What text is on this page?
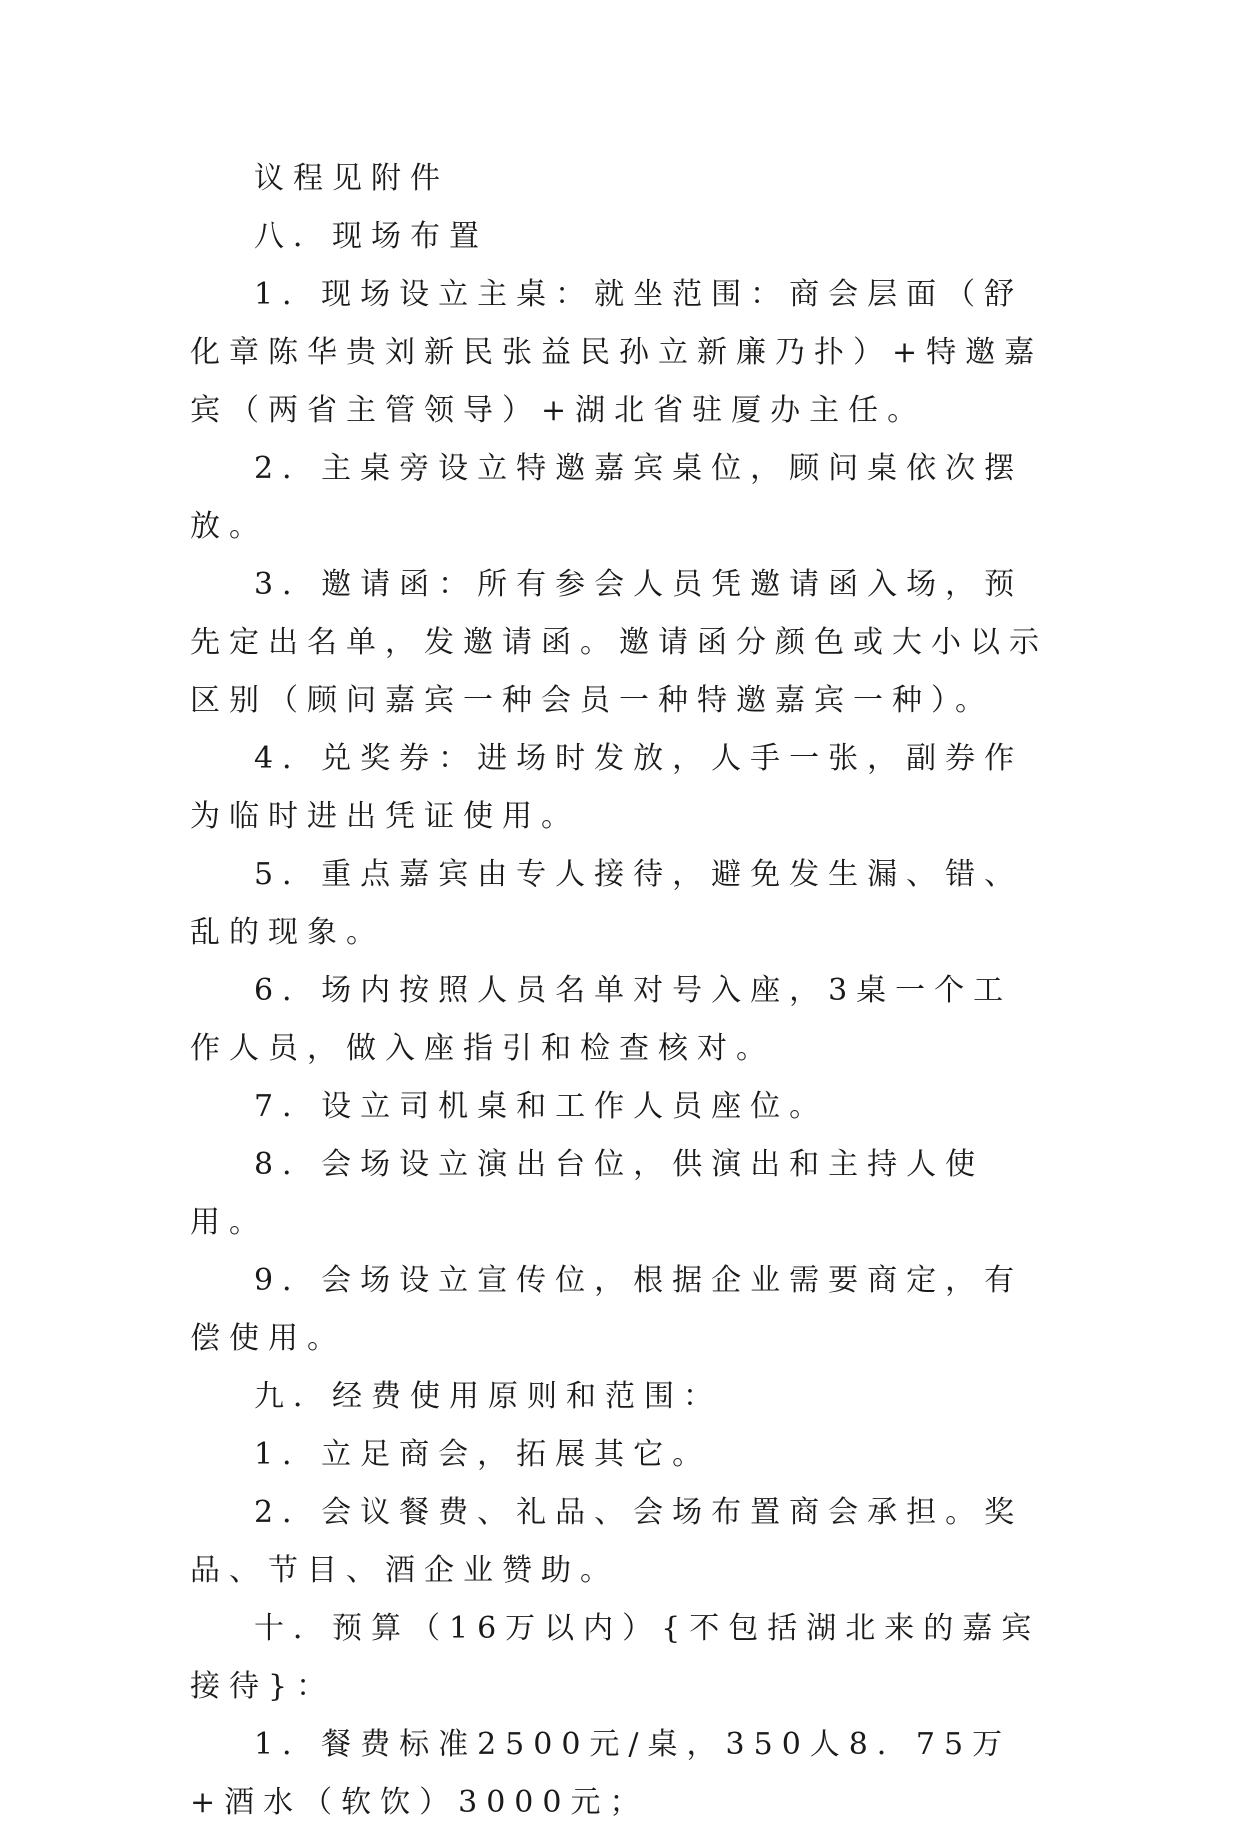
议程见附件

八．现场布置

1．现场设立主桌：就坐范围：商会层面（舒化章陈华贵刘新民张益民孙立新廉乃扑）+特邀嘉宾（两省主管领导）+湖北省驻厦办主任。

2．主桌旁设立特邀嘉宾桌位，顾问桌依次摆放。

3．邀请函：所有参会人员凭邀请函入场，预先定出名单，发邀请函。邀请函分颜色或大小以示区别（顾问嘉宾一种会员一种特邀嘉宾一种）。

4．兑奖券：进场时发放，人手一张，副券作为临时进出凭证使用。

5．重点嘉宾由专人接待，避免发生漏、错、乱的现象。

6．场内按照人员名单对号入座，3桌一个工作人员，做入座指引和检查核对。

7．设立司机桌和工作人员座位。

8．会场设立演出台位，供演出和主持人使用。

9．会场设立宣传位，根据企业需要商定，有偿使用。

九．经费使用原则和范围：

1．立足商会，拓展其它。

2．会议餐费、礼品、会场布置商会承担。奖品、节目、酒企业赞助。

十．预算（16万以内）{不包括湖北来的嘉宾接待}：

1．餐费标准2500元/桌，350人8．75万+酒水（软饮）3000元；
